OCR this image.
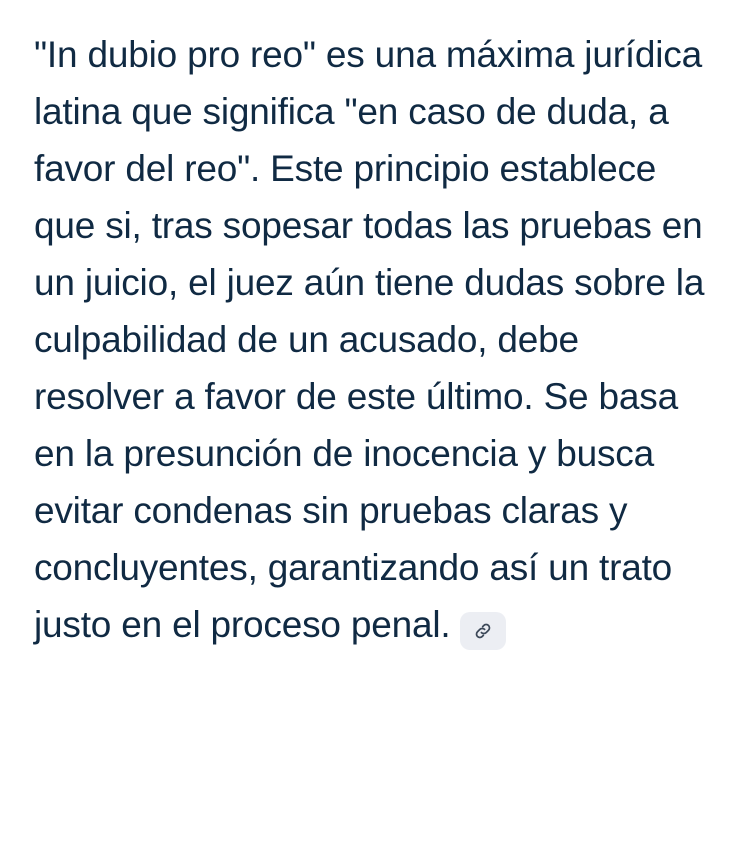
"In dubio pro reo" es una máxima jurídica latina que significa "en caso de duda, a favor del reo". Este principio establece que si, tras sopesar todas las pruebas en un juicio, el juez aún tiene dudas sobre la culpabilidad de un acusado, debe resolver a favor de este último. Se basa en la presunción de inocencia y busca evitar condenas sin pruebas claras y concluyentes, garantizando así un trato justo en el proceso penal.
